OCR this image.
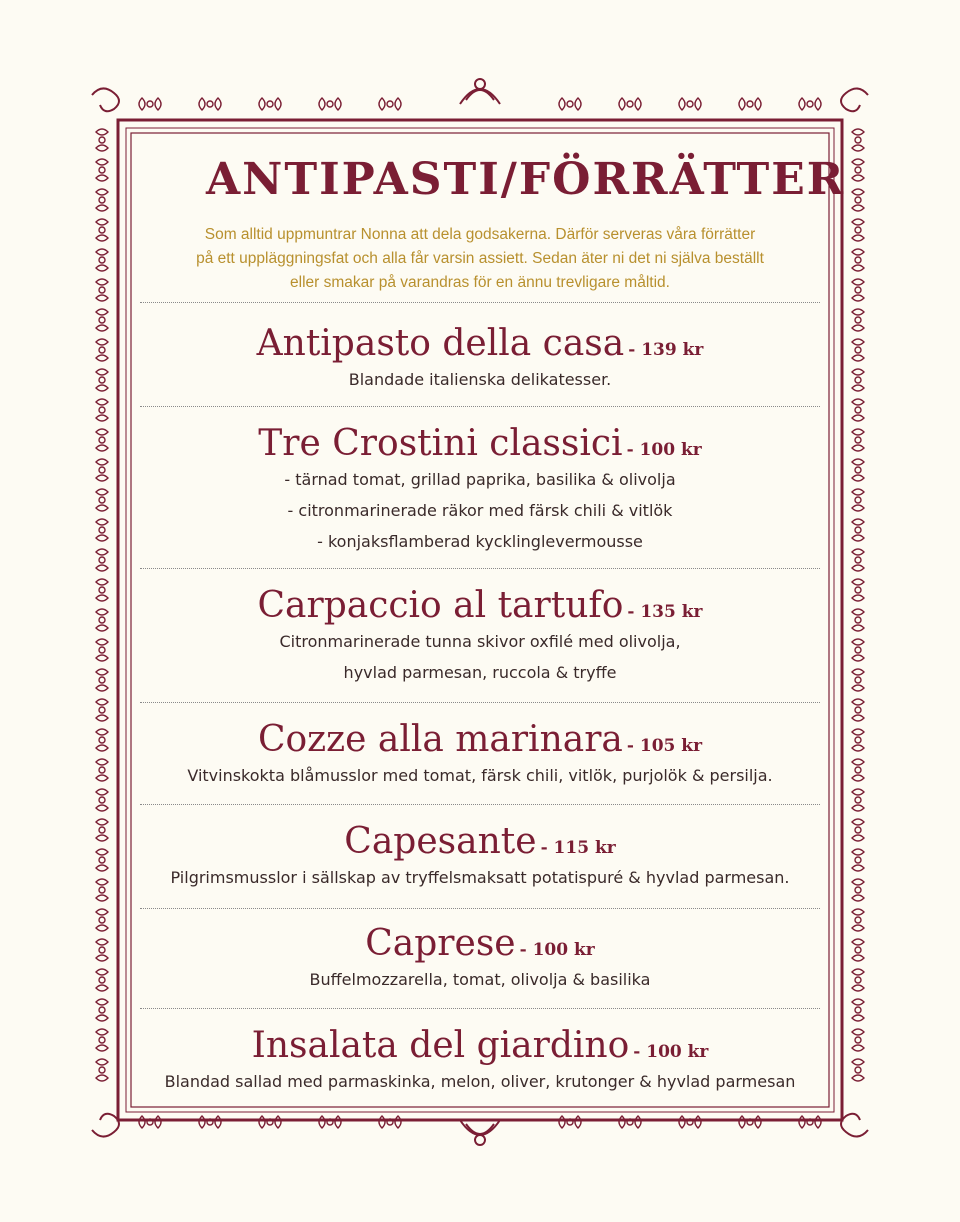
ANTIPASTI/FÖRRÄTTER
Som alltid uppmuntrar Nonna att dela godsakerna. Därför serveras våra förrätter
på ett uppläggningsfat och alla får varsin assiett. Sedan äter ni det ni själva beställt
eller smakar på varandras för en ännu trevligare måltid.
Antipasto della casa - 139 kr
Blandade italienska delikatesser.
Tre Crostini classici - 100 kr
- tärnad tomat, grillad paprika, basilika & olivolja
- citronmarinerade räkor med färsk chili & vitlök
- konjaksflamberad kycklinglevermousse
Carpaccio al tartufo - 135 kr
Citronmarinerade tunna skivor oxfilé med olivolja,
hyvlad parmesan, ruccola & tryffe
Cozze alla marinara - 105 kr
Vitvinskokta blåmusslor med tomat, färsk chili, vitlök, purjolök & persilja.
Capesante - 115 kr
Pilgrimsmusslor i sällskap av tryffelsmaksatt potatispuré & hyvlad parmesan.
Caprese - 100 kr
Buffelmozzarella, tomat, olivolja & basilika
Insalata del giardino - 100 kr
Blandad sallad med parmaskinka, melon, oliver, krutonger & hyvlad parmesan
